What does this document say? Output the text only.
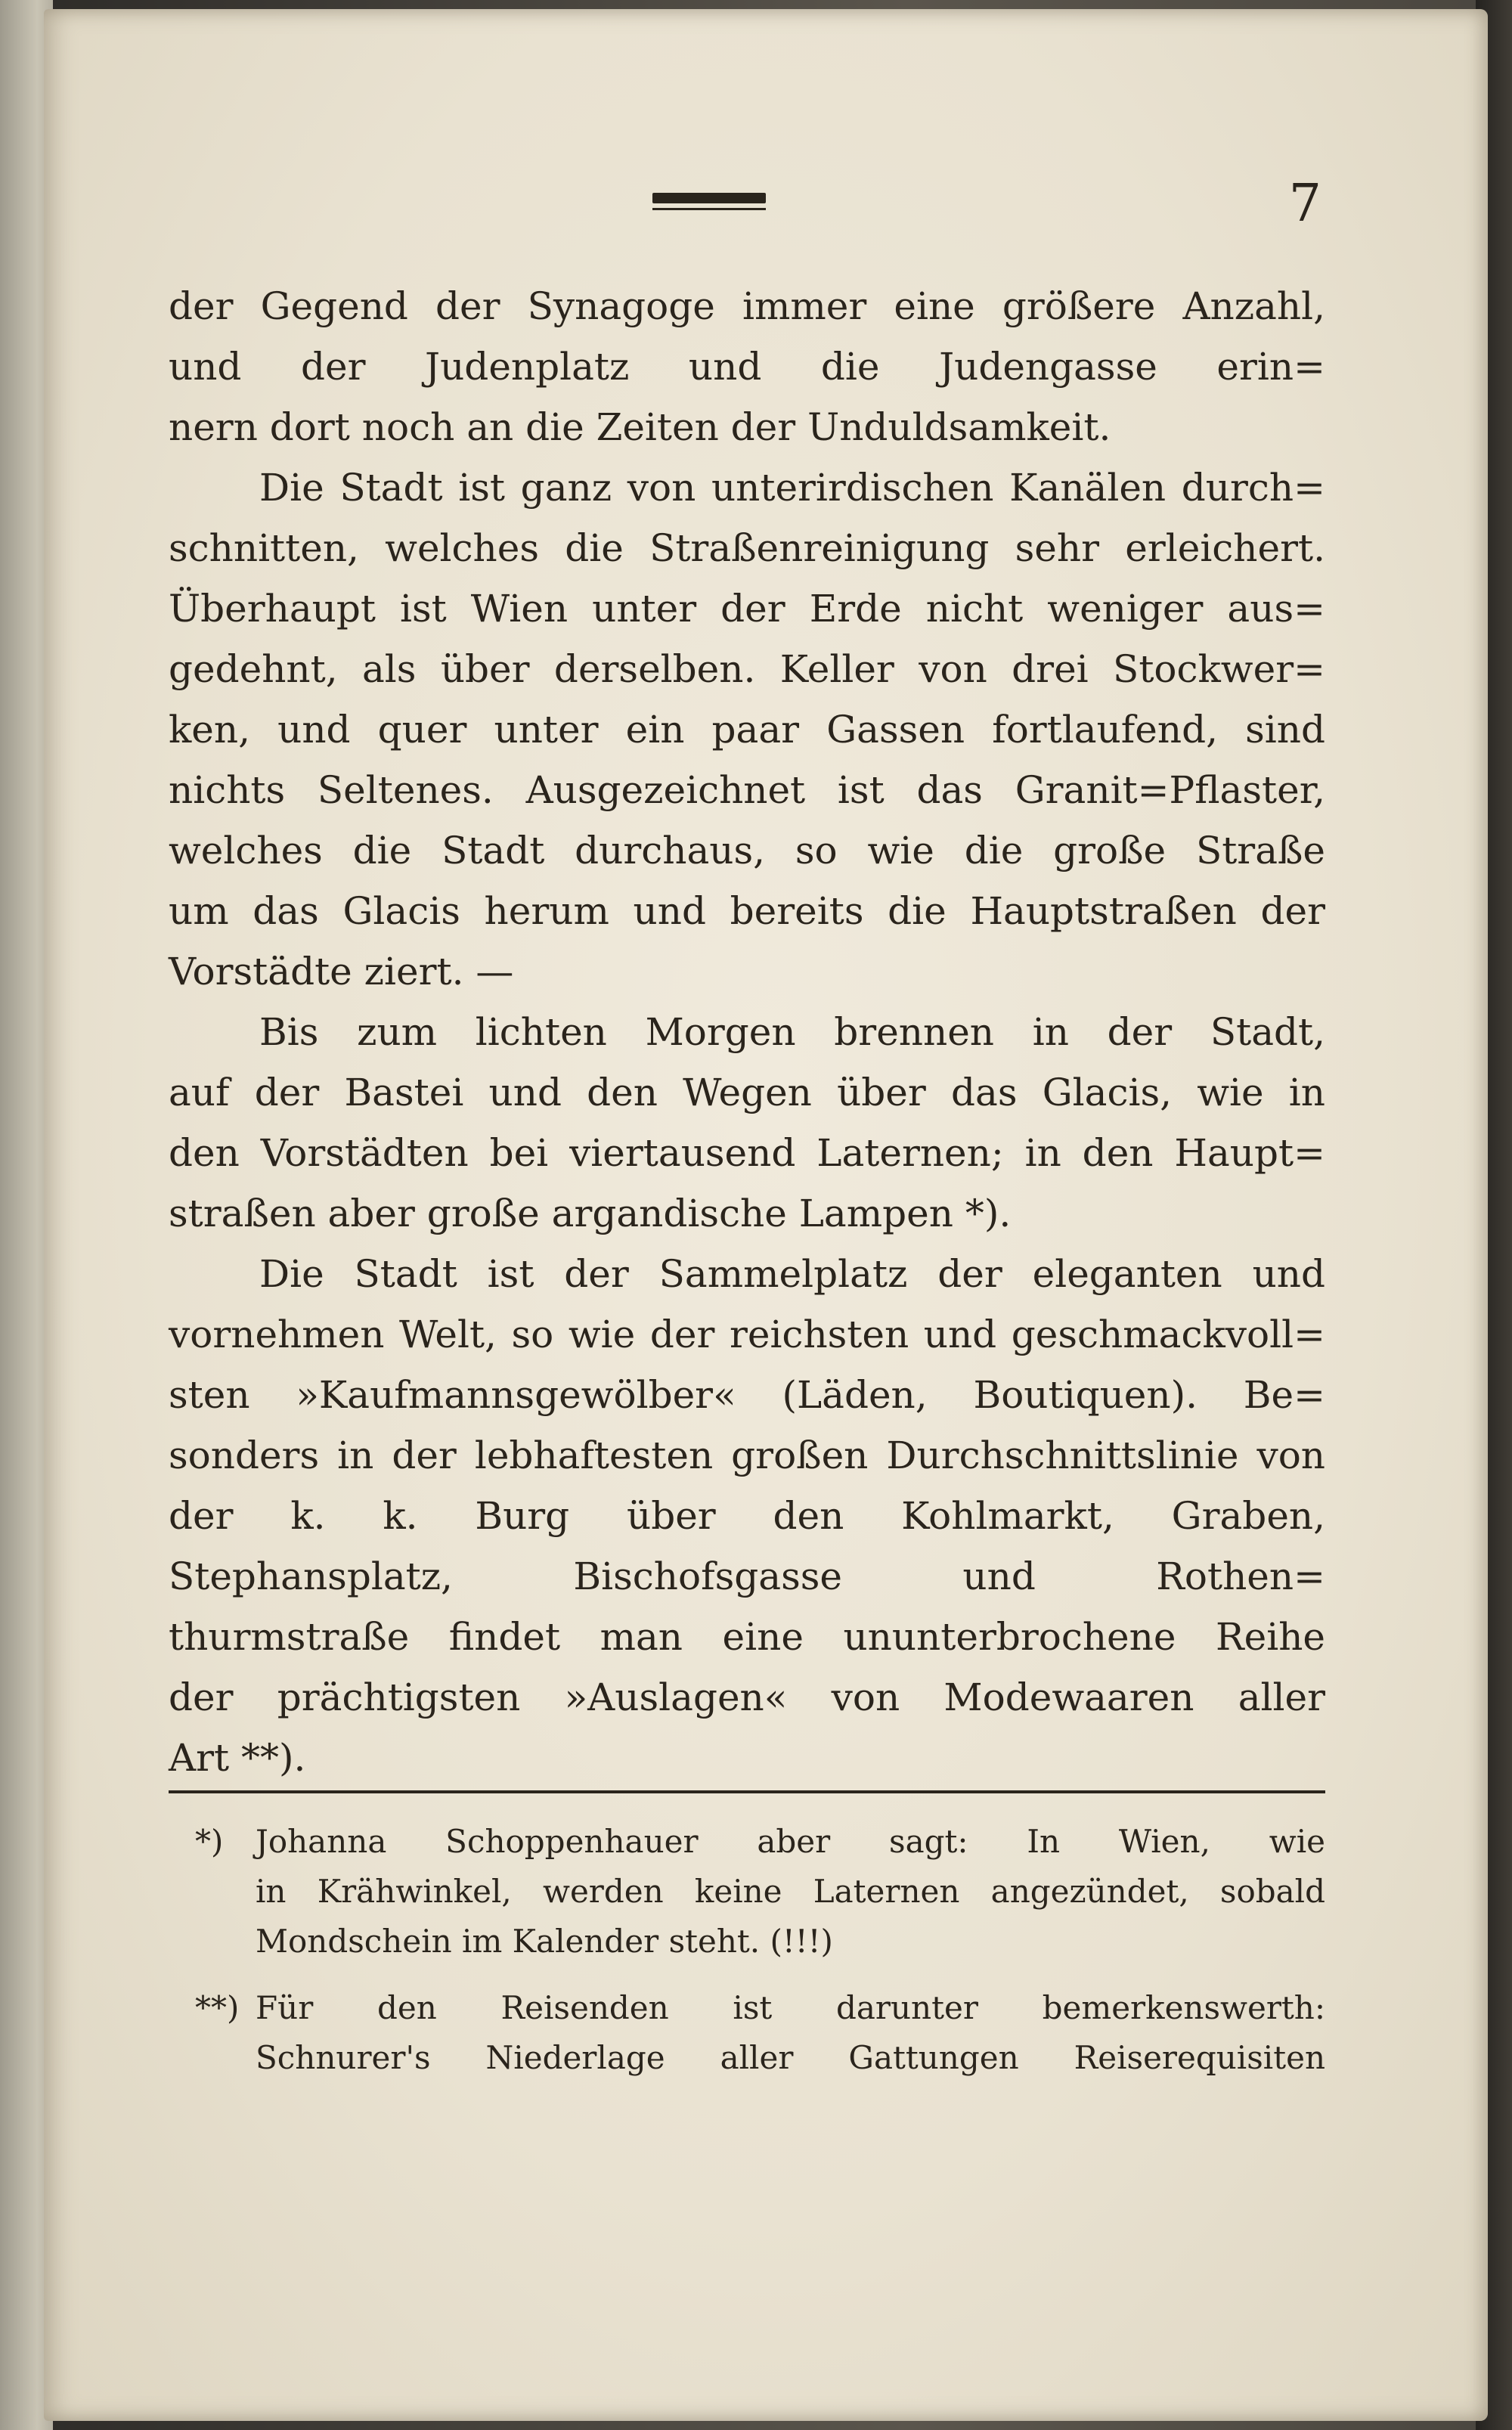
7
der Gegend der Synagoge immer eine größere Anzahl,
und der Judenplatz und die Judengasse erin=
nern dort noch an die Zeiten der Unduldsamkeit.
Die Stadt ist ganz von unterirdischen Kanälen durch=
schnitten, welches die Straßenreinigung sehr erleichert.
Überhaupt ist Wien unter der Erde nicht weniger aus=
gedehnt, als über derselben. Keller von drei Stockwer=
ken, und quer unter ein paar Gassen fortlaufend, sind
nichts Seltenes. Ausgezeichnet ist das Granit=Pflaster,
welches die Stadt durchaus, so wie die große Straße
um das Glacis herum und bereits die Hauptstraßen der
Vorstädte ziert. —
Bis zum lichten Morgen brennen in der Stadt,
auf der Bastei und den Wegen über das Glacis, wie in
den Vorstädten bei viertausend Laternen; in den Haupt=
straßen aber große argandische Lampen *).
Die Stadt ist der Sammelplatz der eleganten und
vornehmen Welt, so wie der reichsten und geschmackvoll=
sten »Kaufmannsgewölber« (Läden, Boutiquen). Be=
sonders in der lebhaftesten großen Durchschnittslinie von
der k. k. Burg über den Kohlmarkt, Graben,
Stephansplatz, Bischofsgasse und Rothen=
thurmstraße findet man eine ununterbrochene Reihe
der prächtigsten »Auslagen« von Modewaaren aller
Art **).
*)	Johanna Schoppenhauer aber sagt: In Wien, wie
in Krähwinkel, werden keine Laternen angezündet, sobald
Mondschein im Kalender steht. (!!!)
**) Für den Reisenden ist darunter bemerkenswerth:
Schnurer's Niederlage aller Gattungen Reiserequisiten
